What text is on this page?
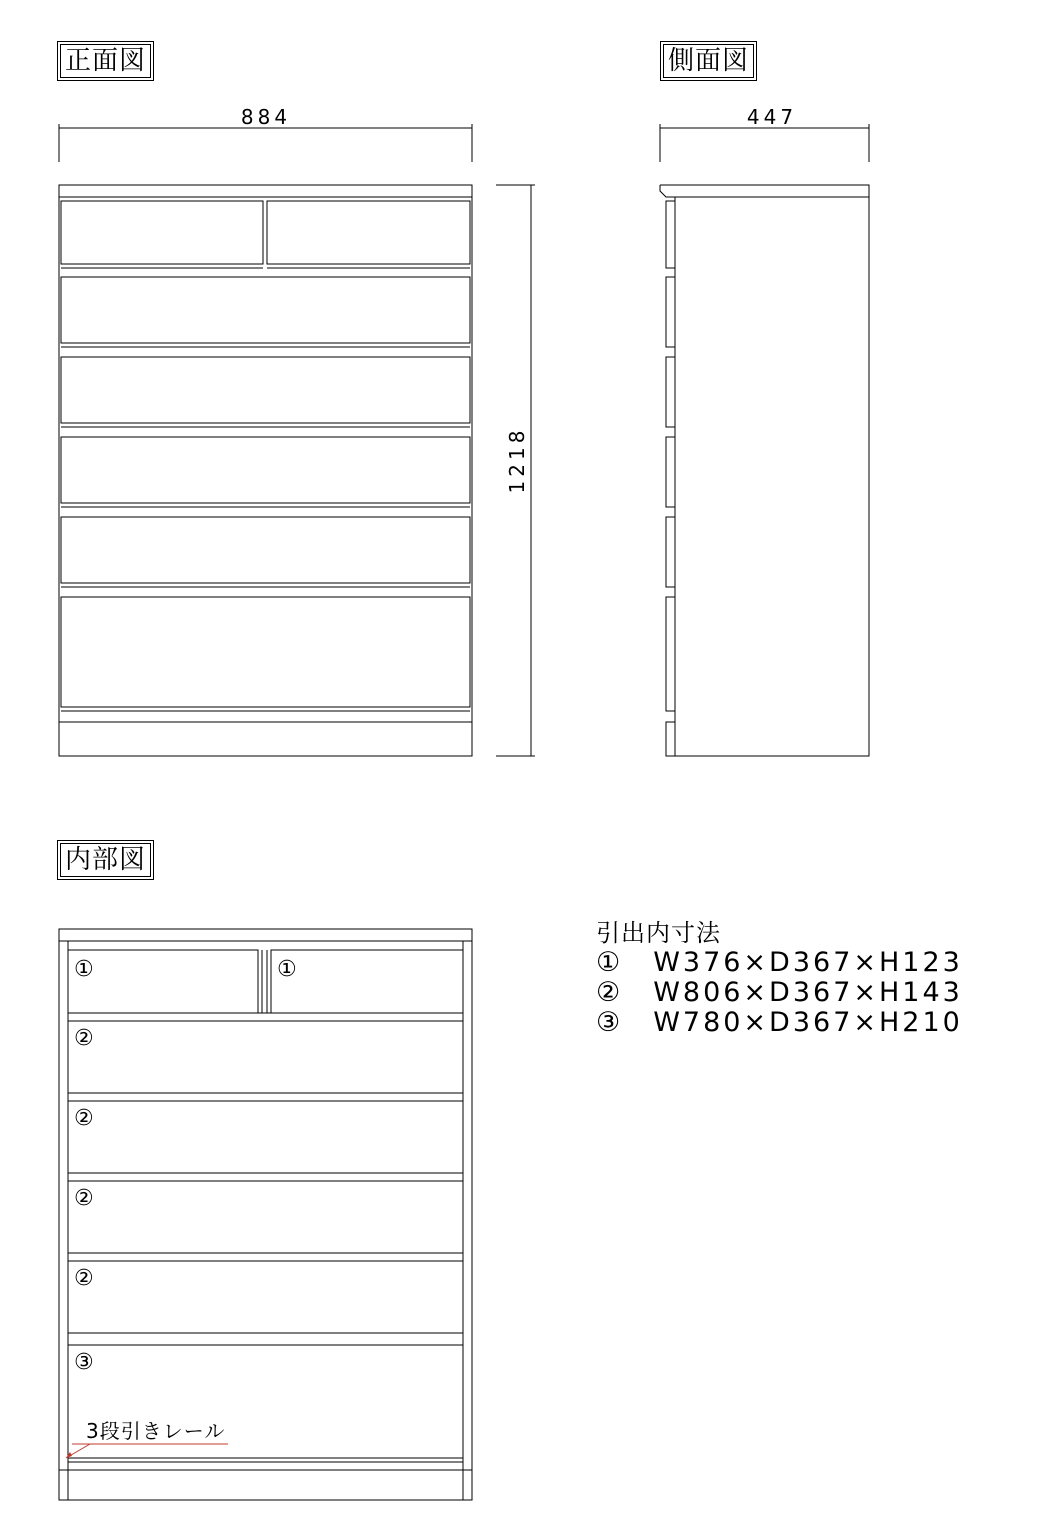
正面図	側面図
内部図
884	447
1218
①	①
②
②
②
②
③
3段引きレール
引出内寸法
①　W376×D367×H123
②　W806×D367×H143
③　W780×D367×H210
